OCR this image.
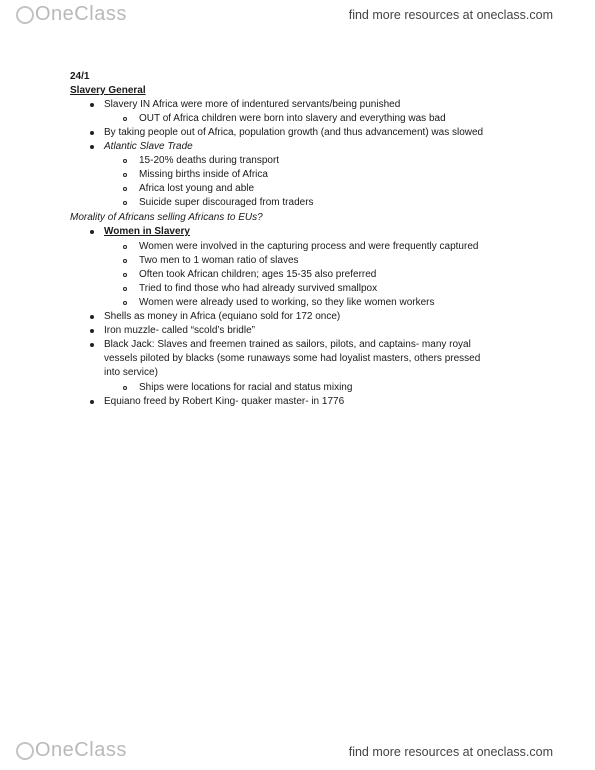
OneClass	find more resources at oneclass.com
24/1
Slavery General
Slavery IN Africa were more of indentured servants/being punished
OUT of Africa children were born into slavery and everything was bad
By taking people out of Africa, population growth (and thus advancement) was slowed
Atlantic Slave Trade
15-20% deaths during transport
Missing births inside of Africa
Africa lost young and able
Suicide super discouraged from traders
Morality of Africans selling Africans to EUs?
Women in Slavery
Women were involved in the capturing process and were frequently captured
Two men to 1 woman ratio of slaves
Often took African children; ages 15-35 also preferred
Tried to find those who had already survived smallpox
Women were already used to working, so they like women workers
Shells as money in Africa (equiano sold for 172 once)
Iron muzzle- called “scold’s bridle”
Black Jack: Slaves and freemen trained as sailors, pilots, and captains- many royal
vessels piloted by blacks (some runaways some had loyalist masters, others pressed
into service)
Ships were locations for racial and status mixing
Equiano freed by Robert King- quaker master- in 1776
OneClass	find more resources at oneclass.com
